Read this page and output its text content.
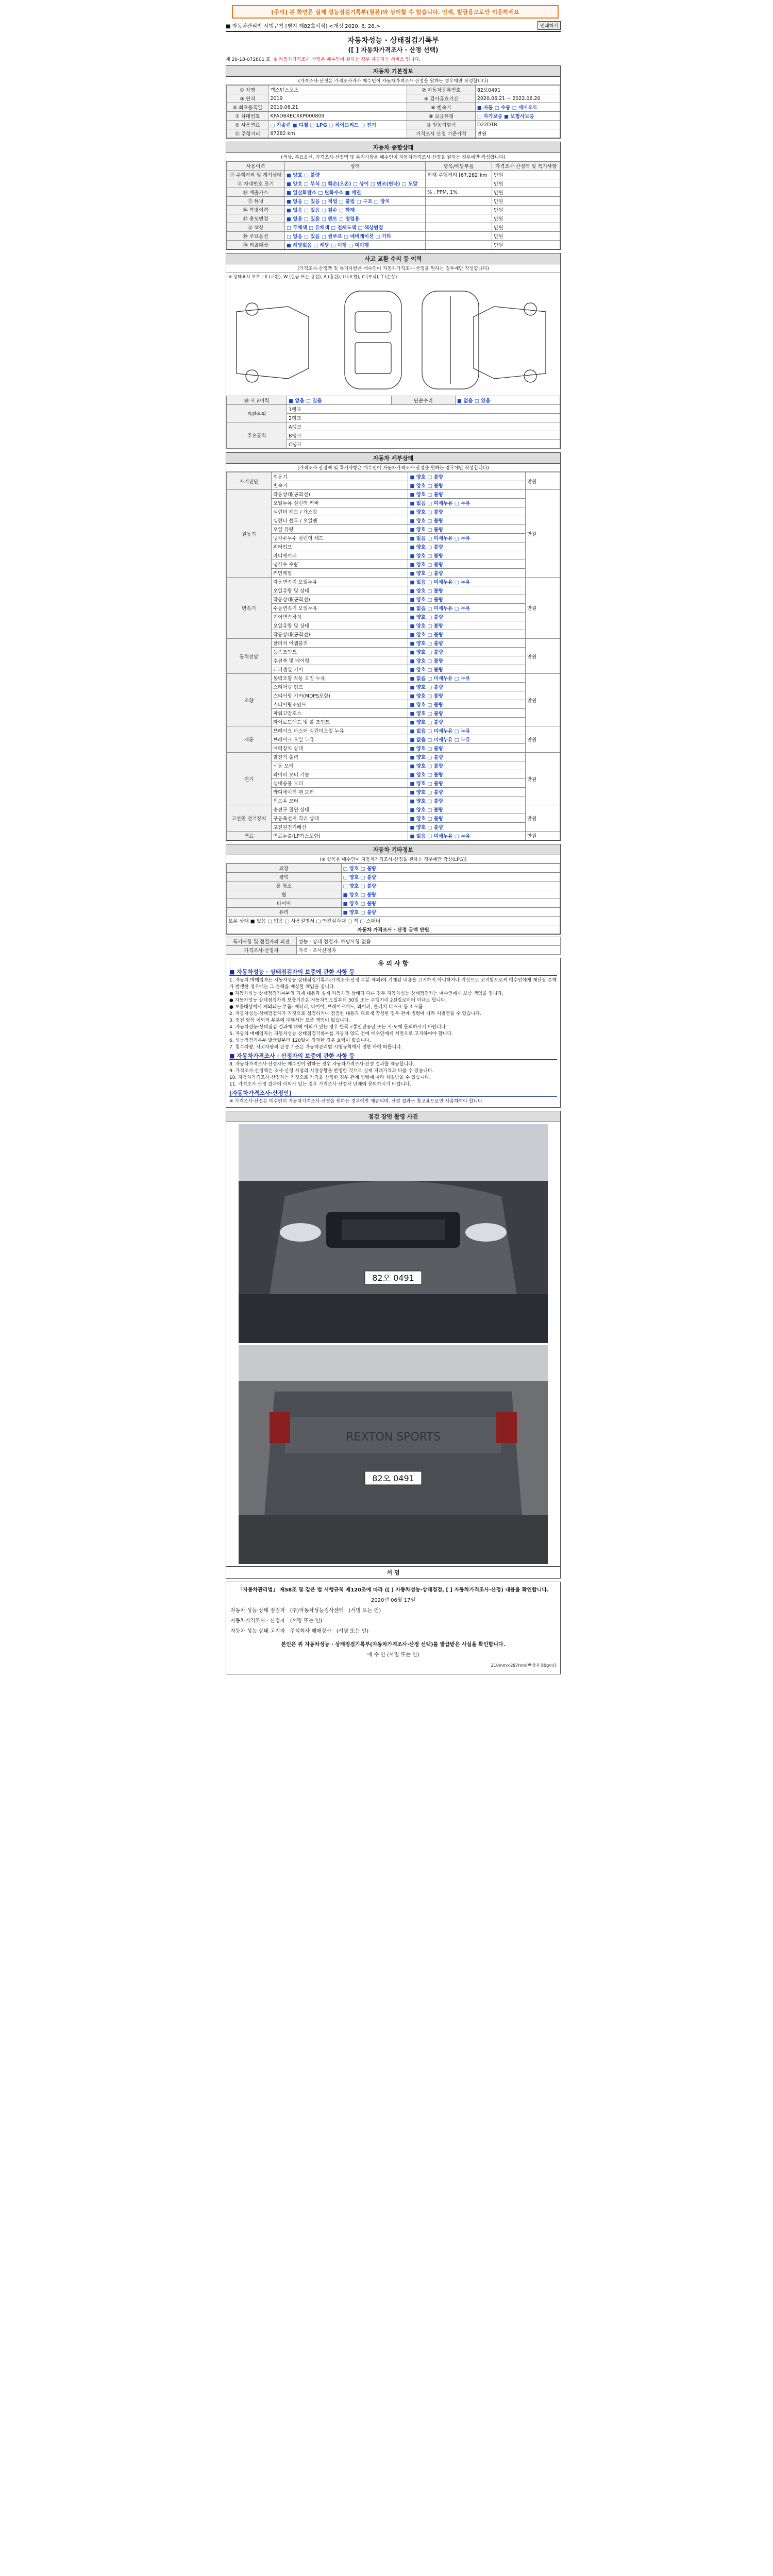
[주의] 본 화면은 실제 성능점검기록부(원본)와 상이할 수 있습니다. 인쇄, 발급용으로만 이용하세요
■ 자동차관리법 시행규칙 [별지 제82호서식] <개정 2020. 6. 26.>	인쇄하기
자동차성능 · 상태점검기록부
([ ] 자동차가격조사 · 산정 선택)
제 20-18-072801 호 ※ 자동차가격조사·산정은 매수인이 원하는 경우 제공하는 서비스 입니다.
자동차 기본정보
(가격조사·산정은 가격조사자가 매수인이 자동차가격조사·산정을 원하는 경우에만 작성합니다)
① 차명	렉스턴스포츠	② 자동차등록번호	82오0491
③ 연식	2019	④ 검사유효기간	2020.06.21 ~ 2022.06.20
⑤ 최초등록일	2019.06.21	⑥ 변속기	■ 자동 □ 수동 □ 세미오토
⑦ 차대번호	KPADB4ECXKP000809	⑧ 보증유형	□ 자가보증 ■ 보험사보증
⑨ 사용연료	□ 가솔린 ■ 디젤 □ LPG □ 하이브리드 □ 전기	⑩ 원동기형식	D22DTR
⑪ 주행거리	67282 km	가격조사 산정 기준가격	만원
자동차 종합상태
(색상, 주요옵션, 가격조사·산정액 및 특기사항은 매수인이 자동차가격조사·산정을 원하는 경우에만 작성합니다)
사용이력	상태	항목/해당부품	가격조사·산정액 및 특기사항
⑫ 주행거리 및 계기상태	■ 양호 □ 불량	현재 주행거리 [67,282]km	만원
⑬ 차대번호 표기	■ 양호 □ 부식 □ 훼손(오손) □ 상이 □ 변조(변타) □ 도말		만원
⑭ 배출가스	■ 일산화탄소 □ 탄화수소 ■ 매연	% , PPM, 1%	만원
⑮ 튜닝	■ 없음 □ 있음 □ 적법 □ 불법 □ 구조 □ 장치		만원
⑯ 특별이력	■ 없음 □ 있음 □ 침수 □ 화재		만원
⑰ 용도변경	■ 없음 □ 있음 □ 렌트 □ 영업용		만원
⑱ 색상	□ 무채색 □ 유채색 □ 전체도색 □ 색상변경		만원
⑲ 주요옵션	□ 없음 □ 있음 □ 썬루프 □ 네비게이션 □ 기타		만원
⑳ 리콜대상	■ 해당없음 □ 해당 □ 이행 □ 미이행		만원
사고 교환 수리 등 이력
(가격조사·산정액 및 특기사항은 매수인이 자동차가격조사·산정을 원하는 경우에만 작성합니다)
※ 상태표시 부호 : X (교환), W (판금 또는 용접), A (흠집), U (요철), C (부식), T (손상)
⑳ 사고이력	■ 없음 □ 있음	단순수리	■ 없음 □ 있음
외판부위	1랭크		
	2랭크		
주요골격	A랭크		
	B랭크		
	C랭크		
자동차 세부상태
(가격조사·산정액 및 특기사항은 매수인이 자동차가격조사·산정을 원하는 경우에만 작성합니다)
자기진단	원동기	■ 양호 □ 불량	만원
	변속기	■ 양호 □ 불량	
원동기	작동상태(공회전)	■ 양호 □ 불량	만원
	오일누유 실린더 커버	■ 없음 □ 미세누유 □ 누유	
	실린더 헤드 / 개스킷	■ 양호 □ 불량	
	실린더 블록 / 오일팬	■ 양호 □ 불량	
	오일 유량	■ 양호 □ 불량	
	냉각수누수 실린더 헤드	■ 없음 □ 미세누유 □ 누유	
	워터펌프	■ 양호 □ 불량	
	라디에이터	■ 양호 □ 불량	
	냉각수 수량	■ 양호 □ 불량	
	커먼레일	■ 양호 □ 불량	
변속기	자동변속기 오일누유	■ 없음 □ 미세누유 □ 누유	만원
	오일유량 및 상태	■ 양호 □ 불량	
	작동상태(공회전)	■ 양호 □ 불량	
	수동변속기 오일누유	■ 없음 □ 미세누유 □ 누유	
	기어변속장치	■ 양호 □ 불량	
	오일유량 및 상태	■ 양호 □ 불량	
	작동상태(공회전)	■ 양호 □ 불량	
동력전달	클러치 어셈블리	■ 양호 □ 불량	만원
	등속조인트	■ 양호 □ 불량	
	추진축 및 베어링	■ 양호 □ 불량	
	디퍼렌셜 기어	■ 양호 □ 불량	
조향	동력조향 작동 오일 누유	■ 없음 □ 미세누유 □ 누유	만원
	스티어링 펌프	■ 양호 □ 불량	
	스티어링 기어(MDPS포함)	■ 양호 □ 불량	
	스티어링조인트	■ 양호 □ 불량	
	파워고압호스	■ 양호 □ 불량	
	타이로드엔드 및 볼 조인트	■ 양호 □ 불량	
제동	브레이크 마스터 실린더오일 누유	■ 없음 □ 미세누유 □ 누유	만원
	브레이크 오일 누유	■ 없음 □ 미세누유 □ 누유	
	배력장치 상태	■ 양호 □ 불량	
전기	발전기 출력	■ 양호 □ 불량	만원
	시동 모터	■ 양호 □ 불량	
	와이퍼 모터 기능	■ 양호 □ 불량	
	실내송풍 모터	■ 양호 □ 불량	
	라디에이터 팬 모터	■ 양호 □ 불량	
	윈도우 모터	■ 양호 □ 불량	
고전원 전기장치	충전구 절연 상태	■ 양호 □ 불량	만원
	구동축전지 격리 상태	■ 양호 □ 불량	
	고전원전기배선	■ 양호 □ 불량	
연료	연료누출(LP가스포함)	■ 없음 □ 미세누유 □ 누유	만원
자동차 기타정보
(※ 항목은 매수인이 자동차가격조사·산정을 원하는 경우에만 작성(LPG))
외장	□ 양호 □ 불량
광택	□ 양호 □ 불량
룸 청소	□ 양호 □ 불량
휠	■ 양호 □ 불량
타이어	■ 양호 □ 불량
유리	■ 양호 □ 불량
보유 상태 ■ 있음 □ 없음 □ 사용설명서 □ 안전삼각대 □ 잭 □ 스패너	
자동차 가격조사 · 산정 금액 만원	
특기사항 및 점검자의 의견	성능 · 상태 점검자: 해당사항 없음
가격조사·산정자	가격 · 조사산정자
유 의 사 항
■ 자동차성능 · 상태점검자의 보증에 관한 사항 등
1. 자동차 매매업자는 자동차성능·상태점검기록부(가격조사·산정 부분 제외)에 기재된 내용을 고지하지 아니하거나 거짓으로 고지함으로써 매수인에게 재산상 손해가 발생한 경우에는 그 손해를 배상할 책임을 집니다.
● 자동차성능·상태점검기록부의 기재 내용과 실제 자동차의 상태가 다른 경우 자동차성능·상태점검자는 매수인에게 보증 책임을 집니다.
● 자동차성능·상태점검자의 보증기간은 자동차인도일부터 30일 또는 주행거리 2천킬로미터 이내로 합니다.
● 보증대상에서 제외되는 부품: 배터리, 타이어, 브레이크패드, 와이퍼, 클러치 디스크 등 소모품.
2. 자동차성능·상태점검자가 거짓으로 점검하거나 점검한 내용과 다르게 작성한 경우 관계 법령에 따라 처벌받을 수 있습니다.
3. 점검 항목 이외의 부분에 대해서는 보증 책임이 없습니다.
4. 자동차성능·상태점검 결과에 대해 이의가 있는 경우 한국교통안전공단 또는 시·도에 문의하시기 바랍니다.
5. 자동차 매매업자는 자동차성능·상태점검기록부를 자동차 양도 전에 매수인에게 서면으로 고지하여야 합니다.
6. 성능점검기록부 발급일부터 120일이 경과한 경우 효력이 없습니다.
7. 침수차량, 사고차량의 판정 기준은 자동차관리법 시행규칙에서 정한 바에 따릅니다.
■ 자동차가격조사 · 산정자의 보증에 관한 사항 등
8. 자동차가격조사·산정자는 매수인이 원하는 경우 자동차가격조사·산정 결과를 제공합니다.
9. 가격조사·산정액은 조사·산정 시점의 시장상황을 반영한 것으로 실제 거래가격과 다를 수 있습니다.
10. 자동차가격조사·산정자는 거짓으로 가격을 산정한 경우 관계 법령에 따라 처벌받을 수 있습니다.
11. 가격조사·산정 결과에 이의가 있는 경우 가격조사·산정자 단체에 문의하시기 바랍니다.
[자동차가격조사·산정인]
※ 가격조사·산정은 매수인이 자동차가격조사·산정을 원하는 경우에만 제공되며, 산정 결과는 참고용으로만 사용하여야 합니다.
점검 장면 촬영 사진
82오 0491
REXTON SPORTS
82오 0491
서 명
「자동차관리법」 제58조 및 같은 법 시행규칙 제120조에 따라 ([ ] 자동차성능·상태점검, [ ] 자동차가격조사·산정) 내용을 확인합니다.
2020년 06월 17일
자동차 성능·상태 점검자 (주)자동차성능검사센터 (서명 또는 인)
자동차가격조사 · 산정자 (서명 또는 인)
자동차 성능·상태 고지자 주식회사 매매상사 (서명 또는 인)
본인은 위 자동차성능 · 상태점검기록부(자동차가격조사·산정 선택)를 발급받은 사실을 확인합니다.
매 수 인 (서명 또는 인)
210mm×297mm[백상지 80g/㎡]
